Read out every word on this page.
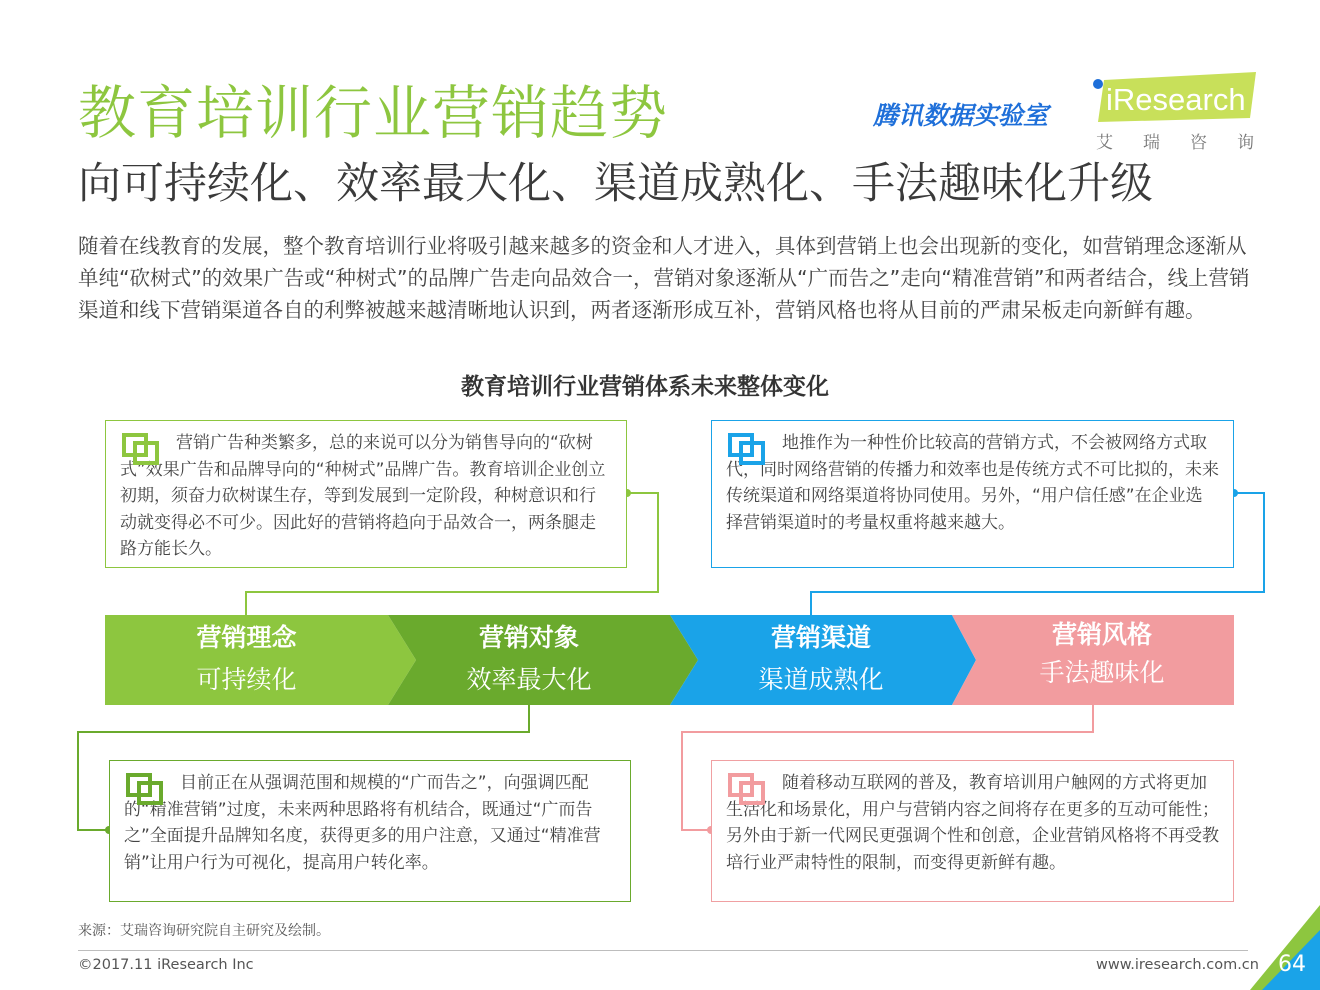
教育培训行业营销趋势
向可持续化、效率最大化、渠道成熟化、手法趣味化升级
腾讯数据实验室 iResearch
艾瑞咨询
随着在线教育的发展，整个教育培训行业将吸引越来越多的资金和人才进入，具体到营销上也会出现新的变化，如营销理念逐渐从单纯“砍树式”的效果广告或“种树式”的品牌广告走向品效合一，营销对象逐渐从“广而告之”走向“精准营销”和两者结合，线上营销渠道和线下营销渠道各自的利弊被越来越清晰地认识到，两者逐渐形成互补，营销风格也将从目前的严肃呆板走向新鲜有趣。
教育培训行业营销体系未来整体变化
营销理念
可持续化
营销对象
效率最大化
营销渠道
渠道成熟化
营销风格
手法趣味化
营销广告种类繁多，总的来说可以分为销售导向的“砍树式”效果广告和品牌导向的“种树式”品牌广告。教育培训企业创立初期，须奋力砍树谋生存，等到发展到一定阶段，种树意识和行动就变得必不可少。因此好的营销将趋向于品效合一，两条腿走路方能长久。
地推作为一种性价比较高的营销方式，不会被网络方式取代，同时网络营销的传播力和效率也是传统方式不可比拟的，未来传统渠道和网络渠道将协同使用。另外，“用户信任感”在企业选择营销渠道时的考量权重将越来越大。
目前正在从强调范围和规模的“广而告之”，向强调匹配的“精准营销”过度，未来两种思路将有机结合，既通过“广而告之”全面提升品牌知名度，获得更多的用户注意，又通过“精准营销”让用户行为可视化，提高用户转化率。
随着移动互联网的普及，教育培训用户触网的方式将更加生活化和场景化，用户与营销内容之间将存在更多的互动可能性；另外由于新一代网民更强调个性和创意，企业营销风格将不再受教培行业严肃特性的限制，而变得更新鲜有趣。
来源：艾瑞咨询研究院自主研究及绘制。
©2017.11 iResearch Inc	www.iresearch.com.cn 64
